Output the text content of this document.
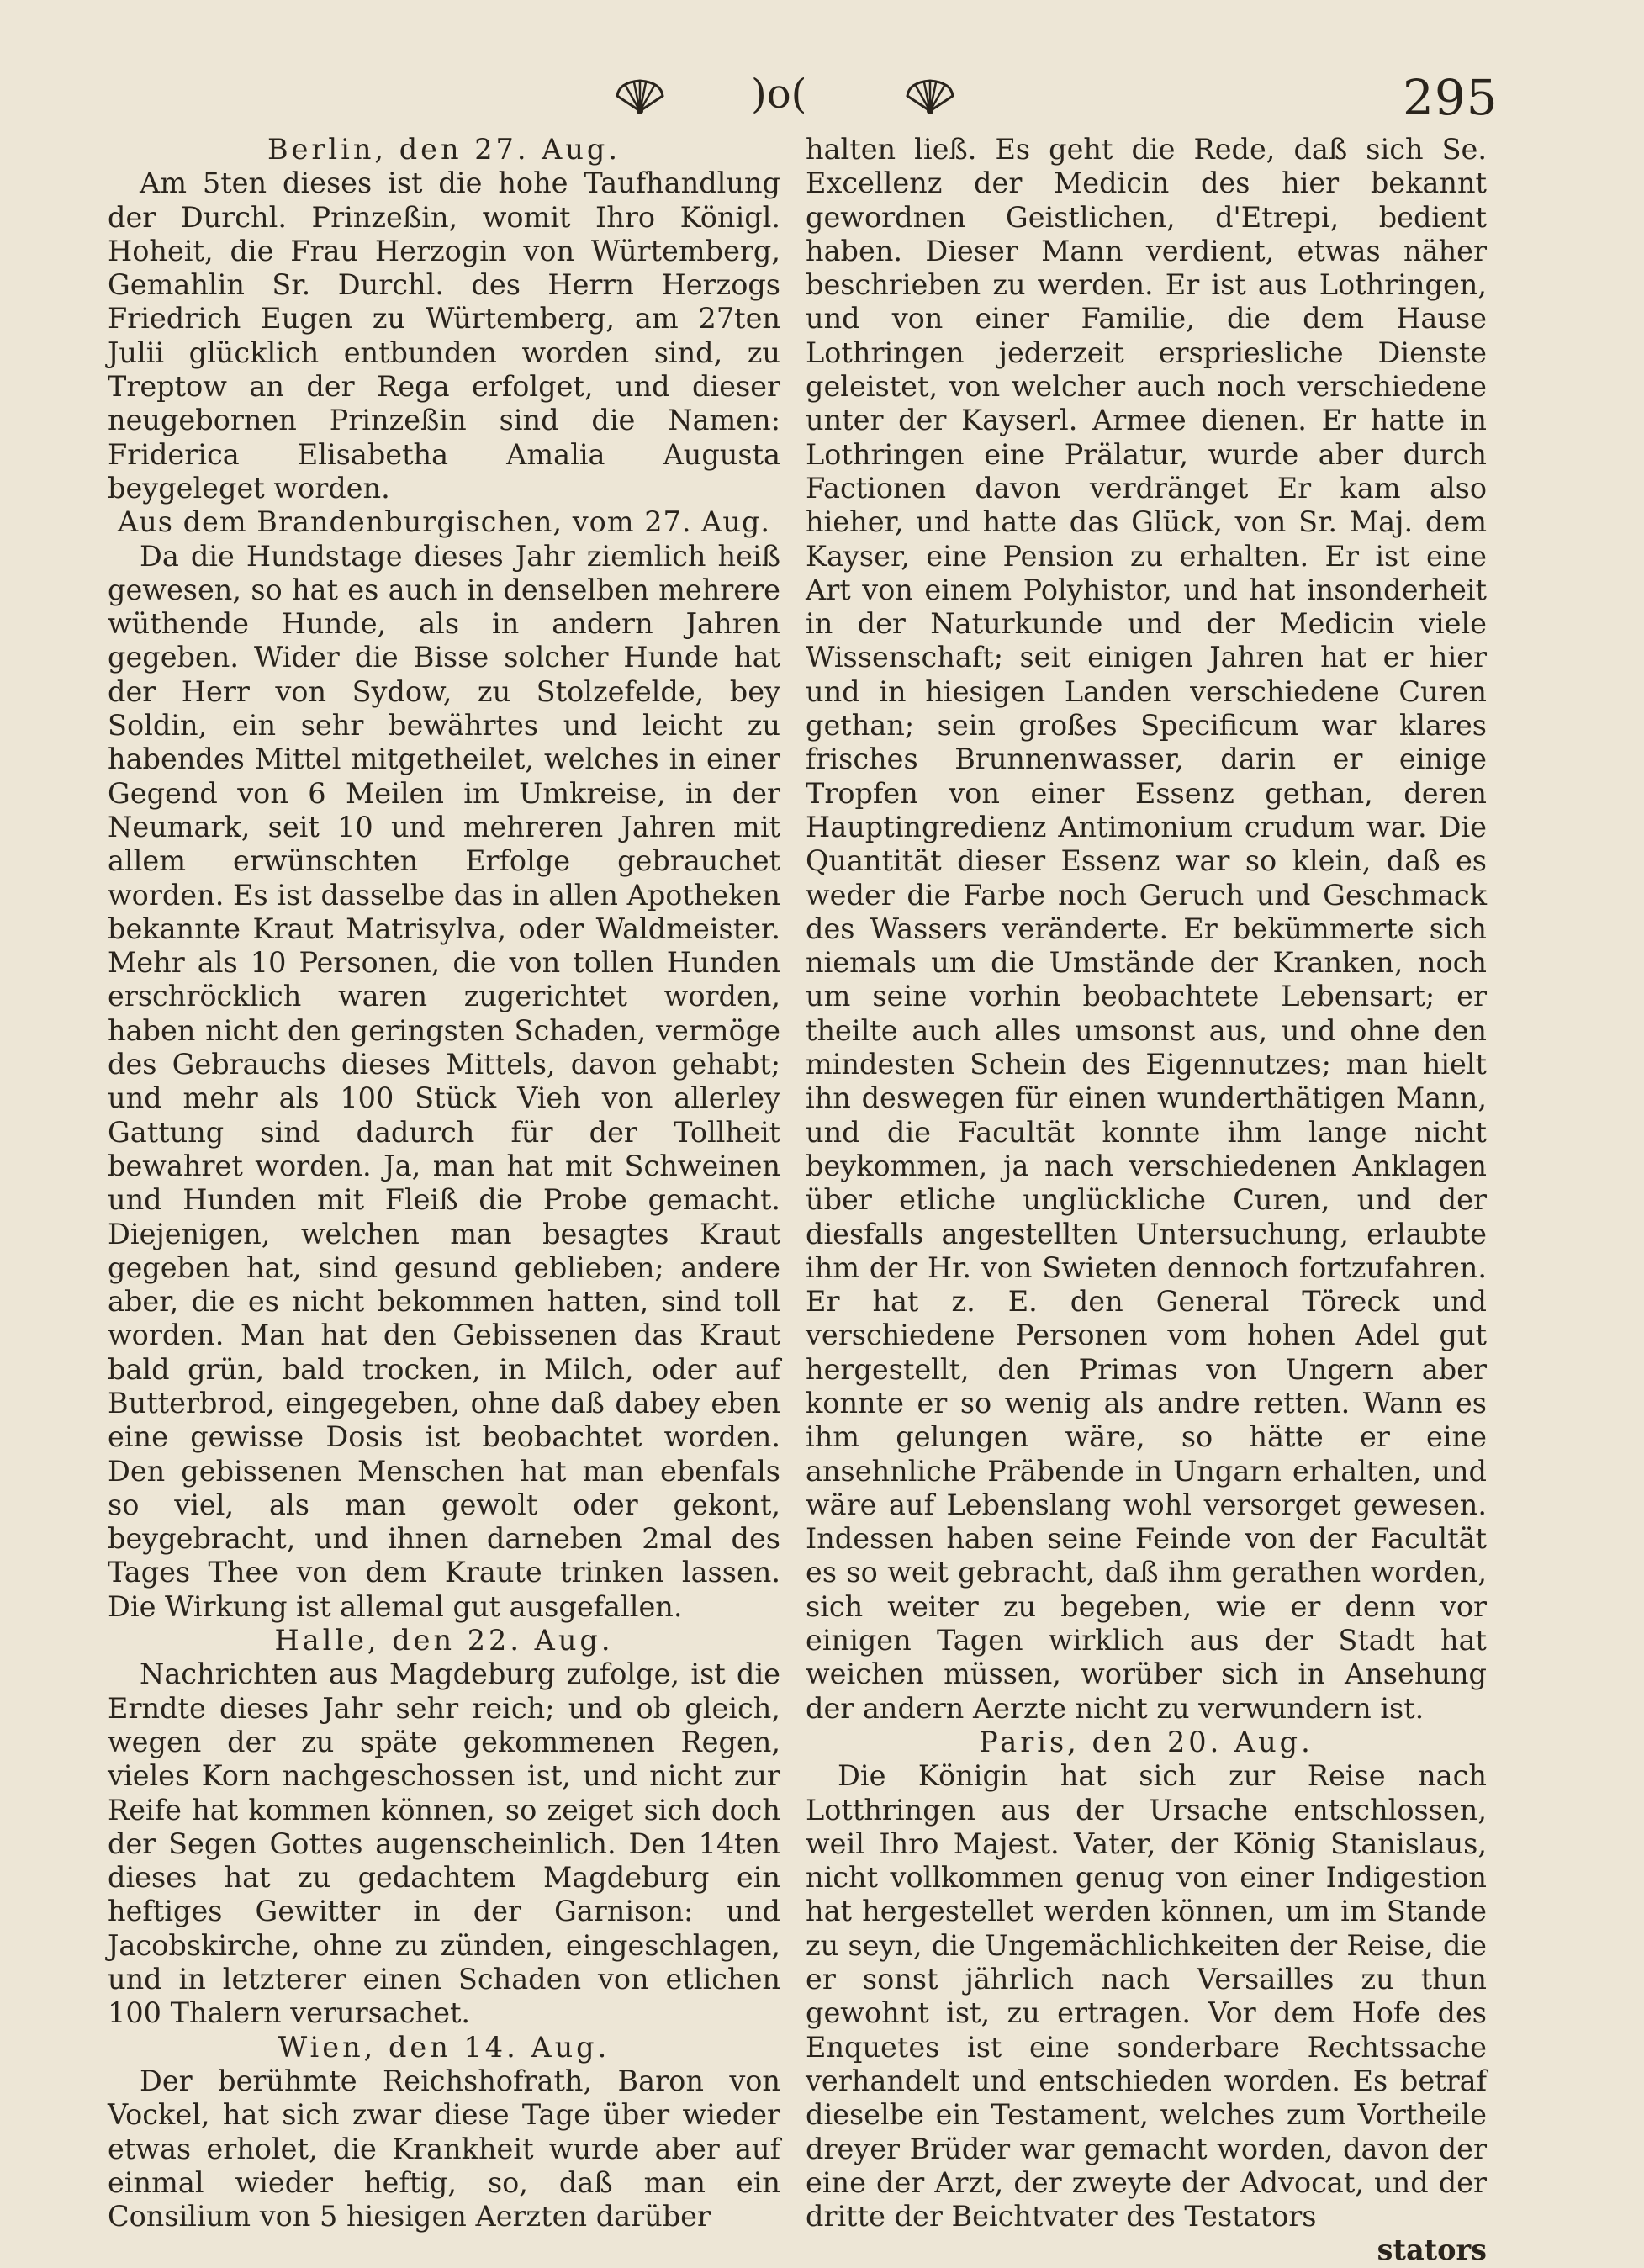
)o(	295
Berlin, den 27. Aug.

Am 5ten dieses ist die hohe Taufhandlung der Durchl. Prinzeßin, womit Ihro Königl. Hoheit, die Frau Herzogin von Würtemberg, Gemahlin Sr. Durchl. des Herrn Herzogs Friedrich Eugen zu Würtemberg, am 27ten Julii glücklich entbunden worden sind, zu Treptow an der Rega erfolget, und dieser neugebornen Prinzeßin sind die Namen: Friderica Elisabetha Amalia Augusta beygeleget worden.

Aus dem Brandenburgischen, vom 27. Aug.

Da die Hundstage dieses Jahr ziemlich heiß gewesen, so hat es auch in denselben mehrere wüthende Hunde, als in andern Jahren gegeben. Wider die Bisse solcher Hunde hat der Herr von Sydow, zu Stolzefelde, bey Soldin, ein sehr bewährtes und leicht zu habendes Mittel mitgetheilet, welches in einer Gegend von 6 Meilen im Umkreise, in der Neumark, seit 10 und mehreren Jahren mit allem erwünschten Erfolge gebrauchet worden. Es ist dasselbe das in allen Apotheken bekannte Kraut Matrisylva, oder Waldmeister. Mehr als 10 Personen, die von tollen Hunden erschröcklich waren zugerichtet worden, haben nicht den geringsten Schaden, vermöge des Gebrauchs dieses Mittels, davon gehabt; und mehr als 100 Stück Vieh von allerley Gattung sind dadurch für der Tollheit bewahret worden. Ja, man hat mit Schweinen und Hunden mit Fleiß die Probe gemacht. Diejenigen, welchen man besagtes Kraut gegeben hat, sind gesund geblieben; andere aber, die es nicht bekommen hatten, sind toll worden. Man hat den Gebissenen das Kraut bald grün, bald trocken, in Milch, oder auf Butterbrod, eingegeben, ohne daß dabey eben eine gewisse Dosis ist beobachtet worden. Den gebissenen Menschen hat man ebenfals so viel, als man gewolt oder gekont, beygebracht, und ihnen darneben 2mal des Tages Thee von dem Kraute trinken lassen. Die Wirkung ist allemal gut ausgefallen.

Halle, den 22. Aug.

Nachrichten aus Magdeburg zufolge, ist die Erndte dieses Jahr sehr reich; und ob gleich, wegen der zu späte gekommenen Regen, vieles Korn nachgeschossen ist, und nicht zur Reife hat kommen können, so zeiget sich doch der Segen Gottes augenscheinlich. Den 14ten dieses hat zu gedachtem Magdeburg ein heftiges Gewitter in der Garnison: und Jacobskirche, ohne zu zünden, eingeschlagen, und in letzterer einen Schaden von etlichen 100 Thalern verursachet.

Wien, den 14. Aug.

Der berühmte Reichshofrath, Baron von Vockel, hat sich zwar diese Tage über wieder etwas erholet, die Krankheit wurde aber auf einmal wieder heftig, so, daß man ein Consilium von 5 hiesigen Aerzten darüber

halten ließ. Es geht die Rede, daß sich Se. Excellenz der Medicin des hier bekannt gewordnen Geistlichen, d'Etrepi, bedient haben. Dieser Mann verdient, etwas näher beschrieben zu werden. Er ist aus Lothringen, und von einer Familie, die dem Hause Lothringen jederzeit erspriesliche Dienste geleistet, von welcher auch noch verschiedene unter der Kayserl. Armee dienen. Er hatte in Lothringen eine Prälatur, wurde aber durch Factionen davon verdränget Er kam also hieher, und hatte das Glück, von Sr. Maj. dem Kayser, eine Pension zu erhalten. Er ist eine Art von einem Polyhistor, und hat insonderheit in der Naturkunde und der Medicin viele Wissenschaft; seit einigen Jahren hat er hier und in hiesigen Landen verschiedene Curen gethan; sein großes Specificum war klares frisches Brunnenwasser, darin er einige Tropfen von einer Essenz gethan, deren Hauptingredienz Antimonium crudum war. Die Quantität dieser Essenz war so klein, daß es weder die Farbe noch Geruch und Geschmack des Wassers veränderte. Er bekümmerte sich niemals um die Umstände der Kranken, noch um seine vorhin beobachtete Lebensart; er theilte auch alles umsonst aus, und ohne den mindesten Schein des Eigennutzes; man hielt ihn deswegen für einen wunderthätigen Mann, und die Facultät konnte ihm lange nicht beykommen, ja nach verschiedenen Anklagen über etliche unglückliche Curen, und der diesfalls angestellten Untersuchung, erlaubte ihm der Hr. von Swieten dennoch fortzufahren. Er hat z. E. den General Töreck und verschiedene Personen vom hohen Adel gut hergestellt, den Primas von Ungern aber konnte er so wenig als andre retten. Wann es ihm gelungen wäre, so hätte er eine ansehnliche Präbende in Ungarn erhalten, und wäre auf Lebenslang wohl versorget gewesen. Indessen haben seine Feinde von der Facultät es so weit gebracht, daß ihm gerathen worden, sich weiter zu begeben, wie er denn vor einigen Tagen wirklich aus der Stadt hat weichen müssen, worüber sich in Ansehung der andern Aerzte nicht zu verwundern ist.

Paris, den 20. Aug.

Die Königin hat sich zur Reise nach Lotthringen aus der Ursache entschlossen, weil Ihro Majest. Vater, der König Stanislaus, nicht vollkommen genug von einer Indigestion hat hergestellet werden können, um im Stande zu seyn, die Ungemächlichkeiten der Reise, die er sonst jährlich nach Versailles zu thun gewohnt ist, zu ertragen. Vor dem Hofe des Enquetes ist eine sonderbare Rechtssache verhandelt und entschieden worden. Es betraf dieselbe ein Testament, welches zum Vortheile dreyer Brüder war gemacht worden, davon der eine der Arzt, der zweyte der Advocat, und der dritte der Beichtvater des Testators

stators
